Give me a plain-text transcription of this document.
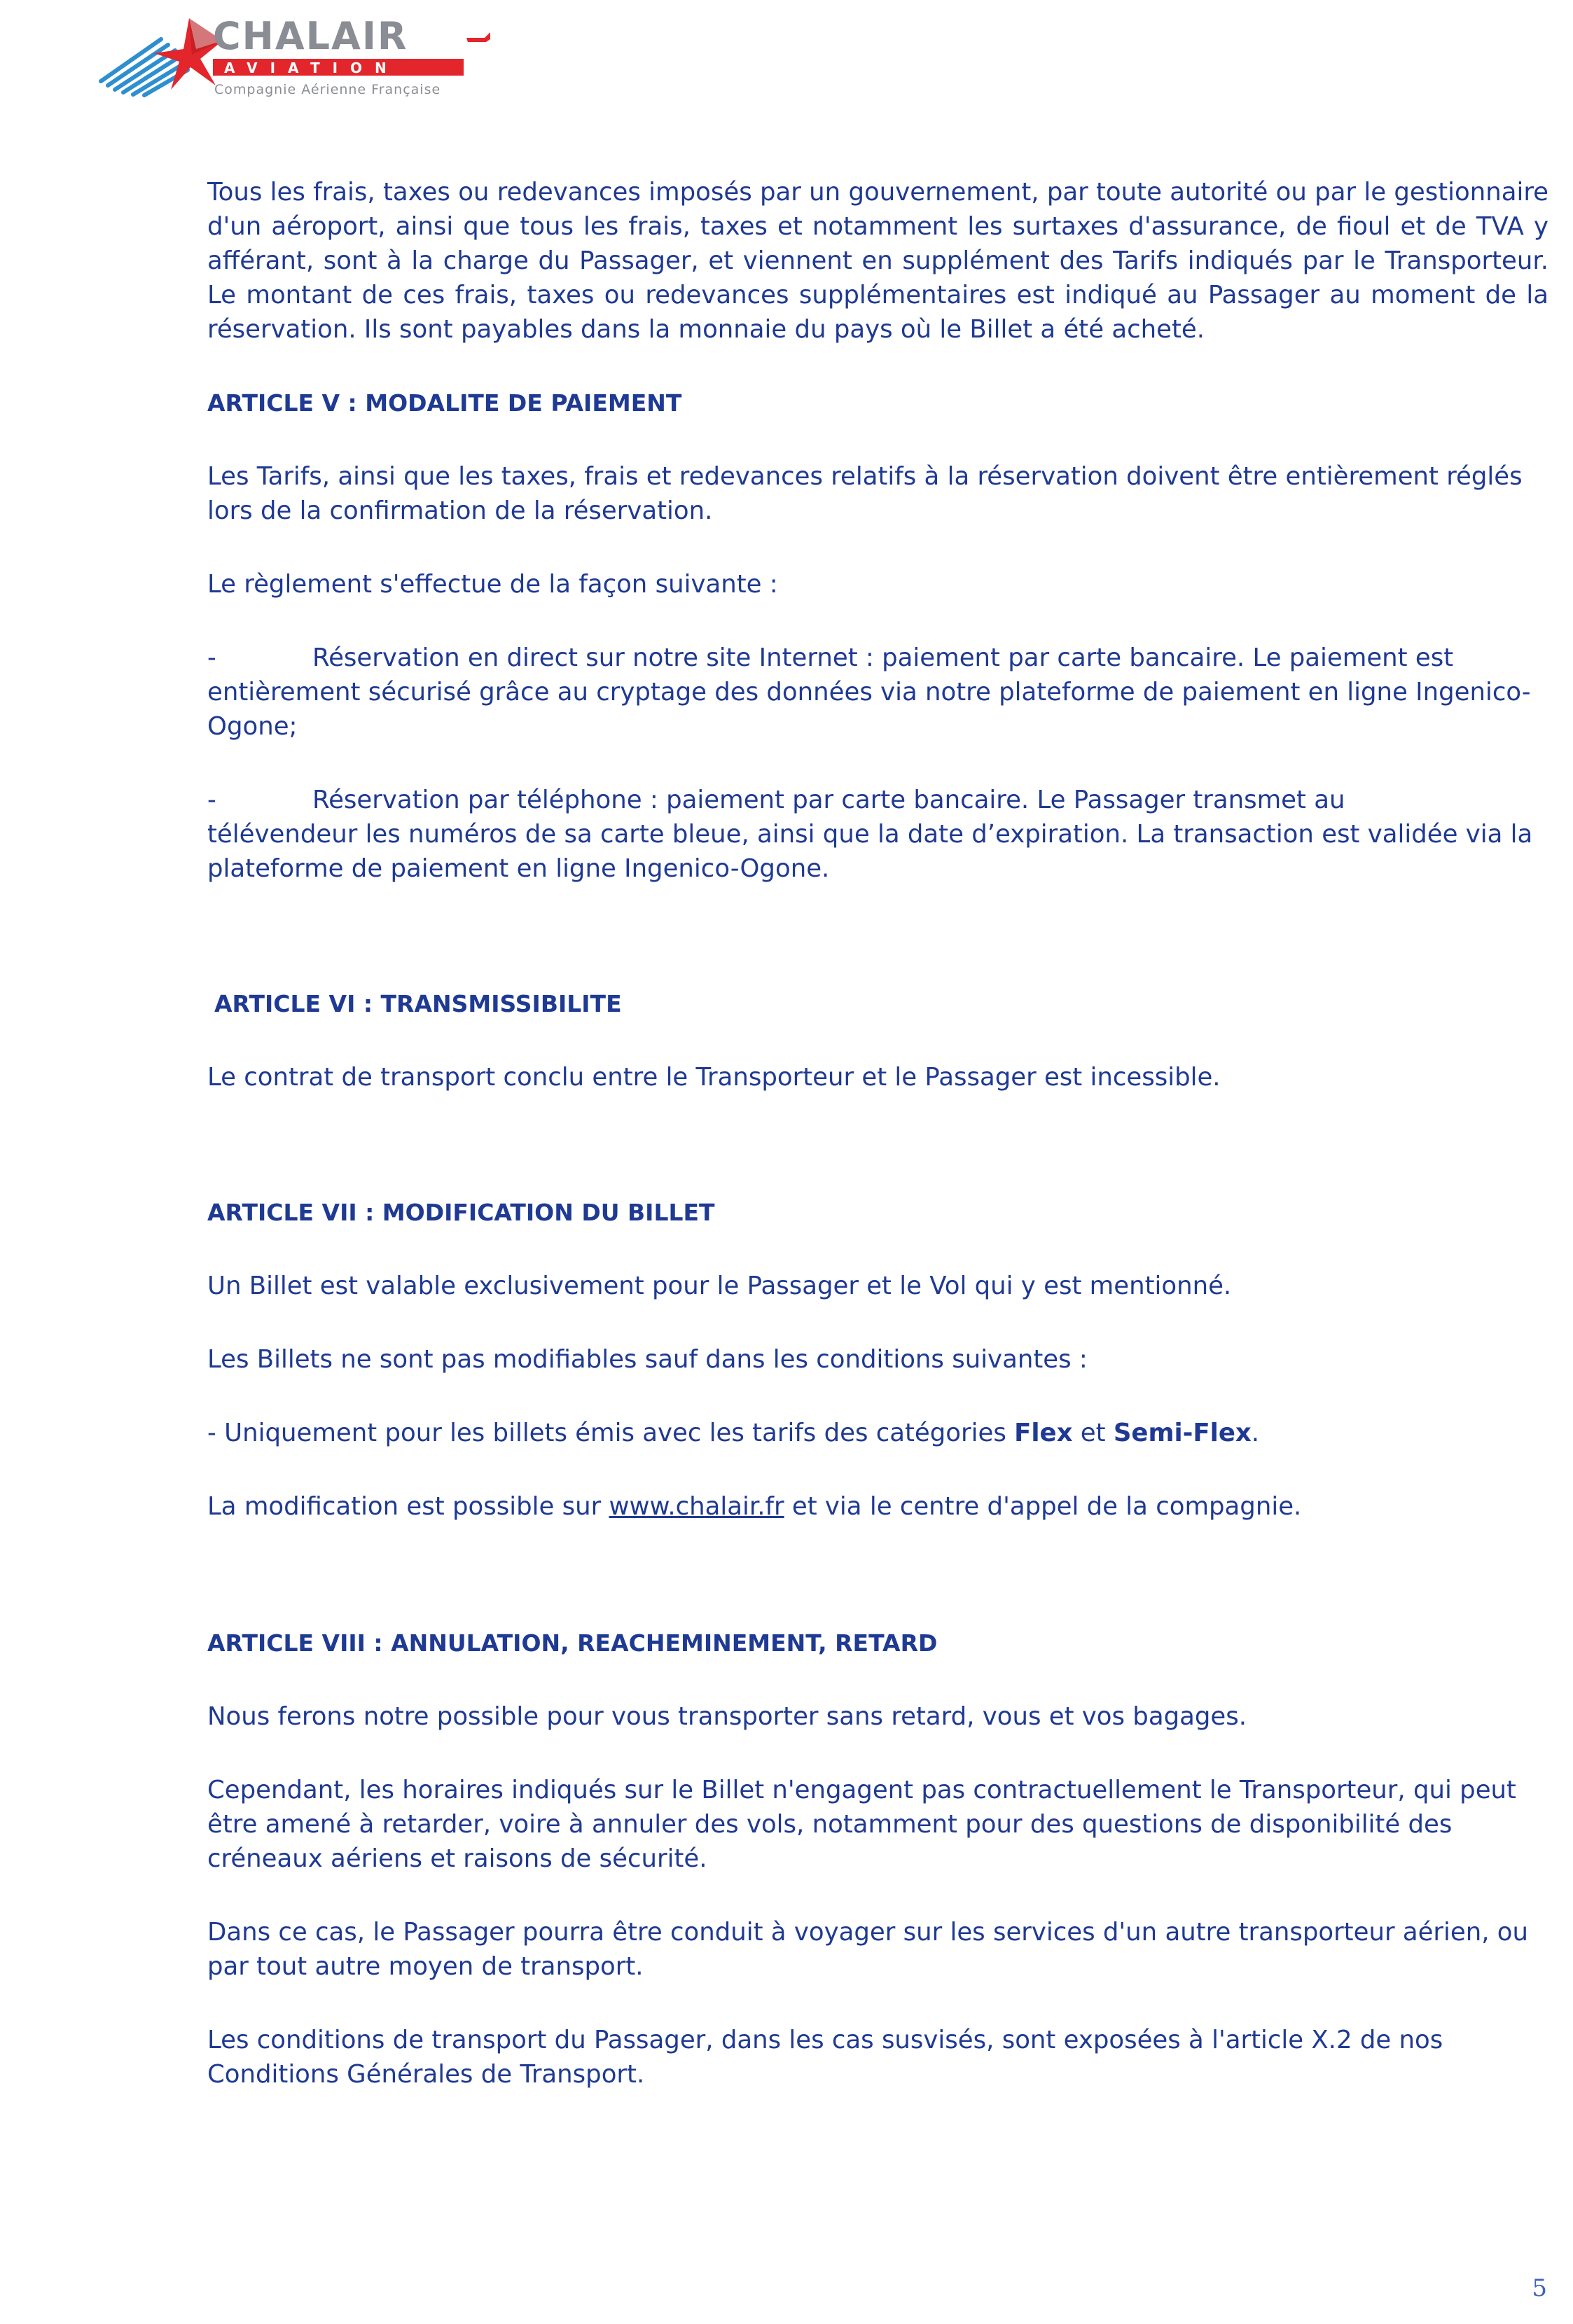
CHALAIR
AVIATION
Compagnie Aérienne Française

Tous les frais, taxes ou redevances imposés par un gouvernement, par toute autorité ou par le gestionnaire d'un aéroport, ainsi que tous les frais, taxes et notamment les surtaxes d'assurance, de fioul et de TVA y afférant, sont à la charge du Passager, et viennent en supplément des Tarifs indiqués par le Transporteur. Le montant de ces frais, taxes ou redevances supplémentaires est indiqué au Passager au moment de la réservation. Ils sont payables dans la monnaie du pays où le Billet a été acheté.

ARTICLE V : MODALITE DE PAIEMENT

Les Tarifs, ainsi que les taxes, frais et redevances relatifs à la réservation doivent être entièrement réglés lors de la confirmation de la réservation.

Le règlement s'effectue de la façon suivante :

-	Réservation en direct sur notre site Internet : paiement par carte bancaire. Le paiement est
entièrement sécurisé grâce au cryptage des données via notre plateforme de paiement en ligne Ingenico-Ogone;

-	Réservation par téléphone : paiement par carte bancaire. Le Passager transmet au
télévendeur les numéros de sa carte bleue, ainsi que la date d’expiration. La transaction est validée via la plateforme de paiement en ligne Ingenico-Ogone.

ARTICLE VI : TRANSMISSIBILITE

Le contrat de transport conclu entre le Transporteur et le Passager est incessible.

ARTICLE VII : MODIFICATION DU BILLET

Un Billet est valable exclusivement pour le Passager et le Vol qui y est mentionné.

Les Billets ne sont pas modifiables sauf dans les conditions suivantes :

- Uniquement pour les billets émis avec les tarifs des catégories Flex et Semi-Flex.

La modification est possible sur www.chalair.fr et via le centre d'appel de la compagnie.

ARTICLE VIII : ANNULATION, REACHEMINEMENT, RETARD

Nous ferons notre possible pour vous transporter sans retard, vous et vos bagages.

Cependant, les horaires indiqués sur le Billet n'engagent pas contractuellement le Transporteur, qui peut être amené à retarder, voire à annuler des vols, notamment pour des questions de disponibilité des créneaux aériens et raisons de sécurité.

Dans ce cas, le Passager pourra être conduit à voyager sur les services d'un autre transporteur aérien, ou par tout autre moyen de transport.

Les conditions de transport du Passager, dans les cas susvisés, sont exposées à l'article X.2 de nos Conditions Générales de Transport.

5
